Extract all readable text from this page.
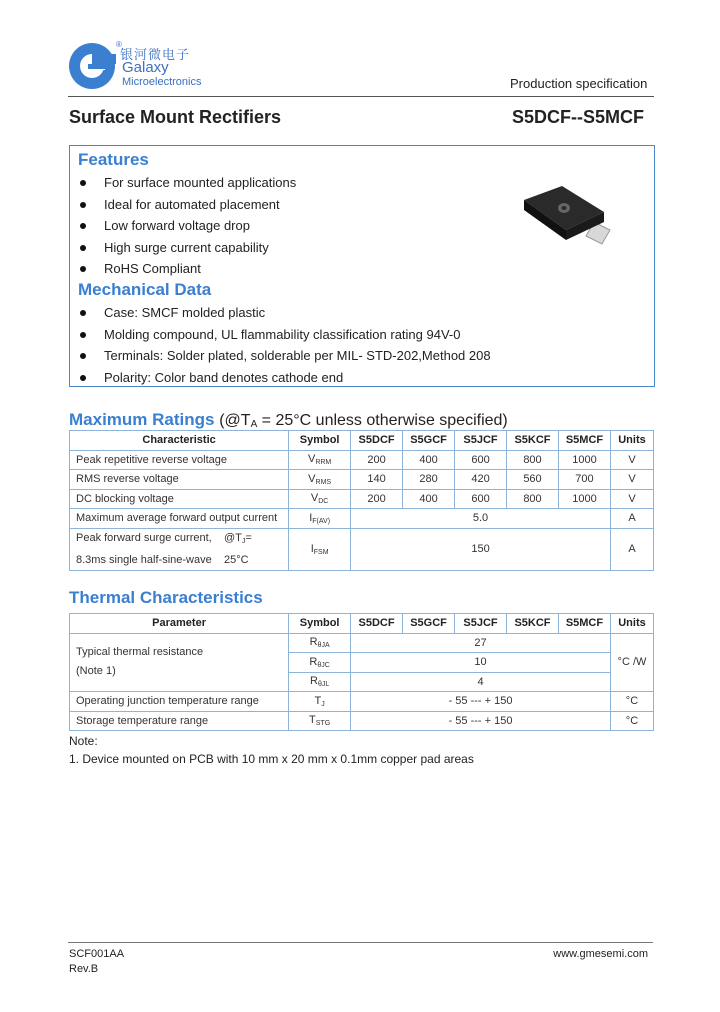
®
银河微电子
Galaxy
Microelectronics	Production specification
Surface Mount Rectifiers	S5DCF--S5MCF
Features
For surface mounted applications
Ideal for automated placement
Low forward voltage drop
High surge current capability
RoHS Compliant
Mechanical Data
Case: SMCF molded plastic
Molding compound, UL flammability classification rating 94V-0
Terminals: Solder plated, solderable per MIL- STD-202,Method 208
Polarity: Color band denotes cathode end
Maximum Ratings (@TA = 25°C unless otherwise specified)
Characteristic	Symbol	S5DCF	S5GCF	S5JCF	S5KCF	S5MCF	Units
Peak repetitive reverse voltage	$V_{RRM}$	200	400	600	800	1000	V
RMS reverse voltage	$V_{RMS}$	140	280	420	560	700	V
DC blocking voltage	$V_{DC}$	200	400	600	800	1000	V
Maximum average forward output current	$I_{F(AV)}$	5.0					A
Peak forward surge current, $@T_J=$
8.3ms single half-sine-wave 25°C	$I_{FSM}$	150					A
Thermal Characteristics
Parameter	Symbol	S5DCF	S5GCF	S5JCF	S5KCF	S5MCF	Units
Typical thermal resistance
(Note 1)	$R_{\theta JA}$	27					°C /W
	$R_{\theta JC}$	10					
	$R_{\theta JL}$	4					
Operating junction temperature range	$T_J$	- 55 --- + 150					°C
Storage temperature range	$T_{STG}$	- 55 --- + 150					°C
Note:
1. Device mounted on PCB with 10 mm x 20 mm x 0.1mm copper pad areas
SCF001AA
Rev.B
www.gmesemi.com
